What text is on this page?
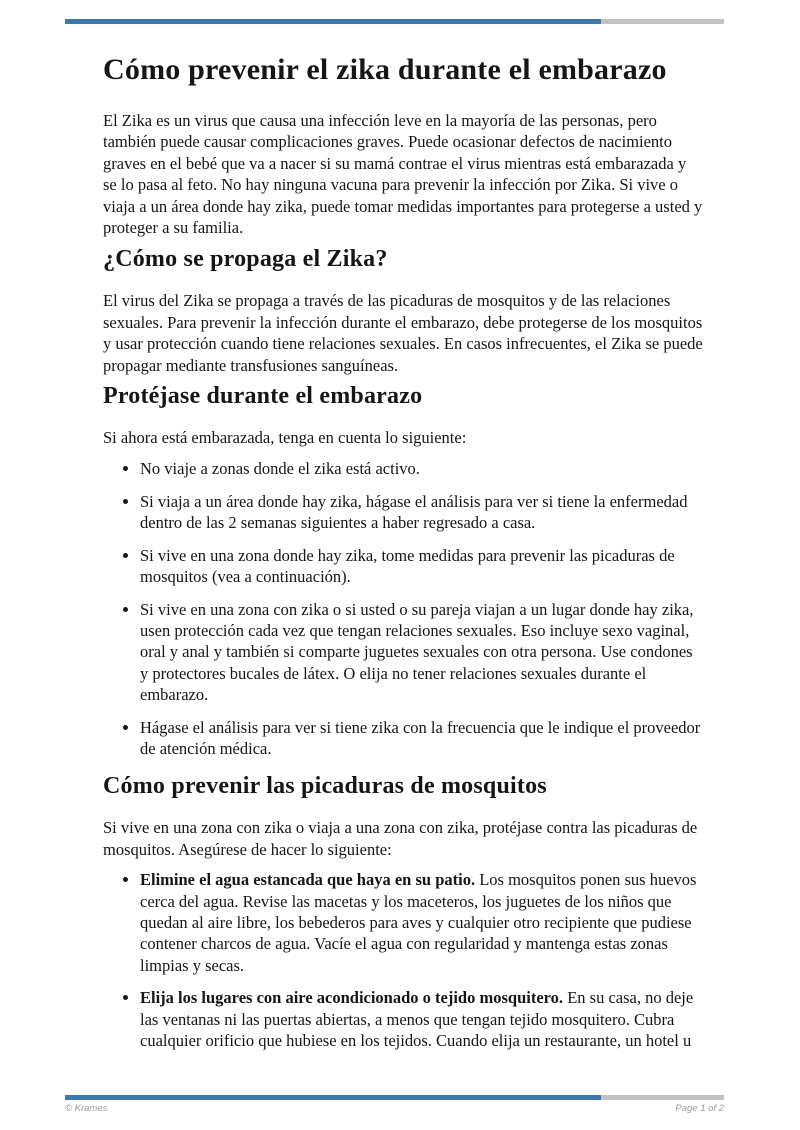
Cómo prevenir el zika durante el embarazo

El Zika es un virus que causa una infección leve en la mayoría de las personas, pero también puede causar complicaciones graves. Puede ocasionar defectos de nacimiento graves en el bebé que va a nacer si su mamá contrae el virus mientras está embarazada y se lo pasa al feto. No hay ninguna vacuna para prevenir la infección por Zika. Si vive o viaja a un área donde hay zika, puede tomar medidas importantes para protegerse a usted y proteger a su familia.

¿Cómo se propaga el Zika?

El virus del Zika se propaga a través de las picaduras de mosquitos y de las relaciones sexuales. Para prevenir la infección durante el embarazo, debe protegerse de los mosquitos y usar protección cuando tiene relaciones sexuales. En casos infrecuentes, el Zika se puede propagar mediante transfusiones sanguíneas.

Protéjase durante el embarazo

Si ahora está embarazada, tenga en cuenta lo siguiente:

• No viaje a zonas donde el zika está activo.
• Si viaja a un área donde hay zika, hágase el análisis para ver si tiene la enfermedad dentro de las 2 semanas siguientes a haber regresado a casa.
• Si vive en una zona donde hay zika, tome medidas para prevenir las picaduras de mosquitos (vea a continuación).
• Si vive en una zona con zika o si usted o su pareja viajan a un lugar donde hay zika, usen protección cada vez que tengan relaciones sexuales. Eso incluye sexo vaginal, oral y anal y también si comparte juguetes sexuales con otra persona. Use condones y protectores bucales de látex. O elija no tener relaciones sexuales durante el embarazo.
• Hágase el análisis para ver si tiene zika con la frecuencia que le indique el proveedor de atención médica.
Cómo prevenir las picaduras de mosquitos

Si vive en una zona con zika o viaja a una zona con zika, protéjase contra las picaduras de mosquitos. Asegúrese de hacer lo siguiente:

• Elimine el agua estancada que haya en su patio. Los mosquitos ponen sus huevos cerca del agua. Revise las macetas y los maceteros, los juguetes de los niños que quedan al aire libre, los bebederos para aves y cualquier otro recipiente que pudiese contener charcos de agua. Vacíe el agua con regularidad y mantenga estas zonas limpias y secas.
• Elija los lugares con aire acondicionado o tejido mosquitero. En su casa, no deje las ventanas ni las puertas abiertas, a menos que tengan tejido mosquitero. Cubra cualquier orificio que hubiese en los tejidos. Cuando elija un restaurante, un hotel u
© Krames	Page 1 of 2
